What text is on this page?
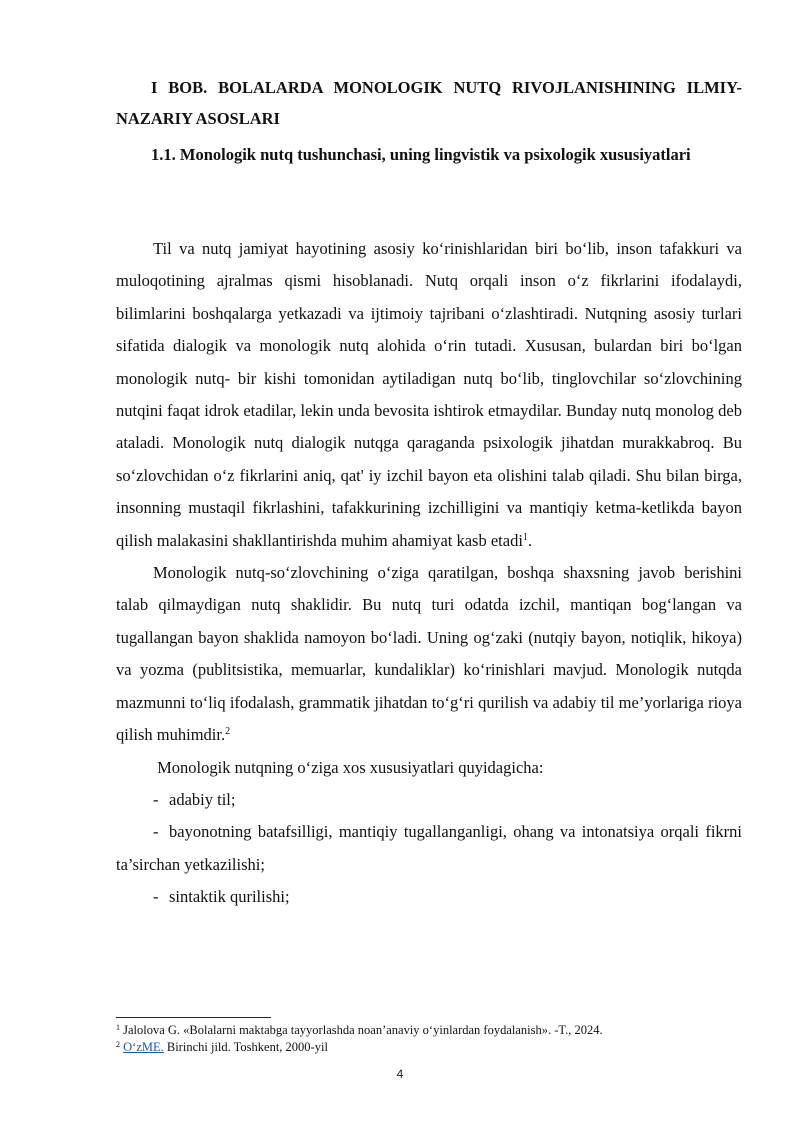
I BOB. BOLALARDA MONOLOGIK NUTQ RIVOJLANISHINING ILMIY-NAZARIY ASOSLARI
1.1. Monologik nutq tushunchasi, uning lingvistik va psixologik xususiyatlari

Til va nutq jamiyat hayotining asosiy ko‘rinishlaridan biri bo‘lib, inson tafakkuri va muloqotining ajralmas qismi hisoblanadi. Nutq orqali inson o‘z fikrlarini ifodalaydi, bilimlarini boshqalarga yetkazadi va ijtimoiy tajribani o‘zlashtiradi. Nutqning asosiy turlari sifatida dialogik va monologik nutq alohida o‘rin tutadi. Xususan, bulardan biri bo‘lgan monologik nutq- bir kishi tomonidan aytiladigan nutq bo‘lib, tinglovchilar so‘zlovchining nutqini faqat idrok etadilar, lekin unda bevosita ishtirok etmaydilar. Bunday nutq monolog deb ataladi. Monologik nutq dialogik nutqga qaraganda psixologik jihatdan murakkabroq. Bu so‘zlovchidan o‘z fikrlarini aniq, qat' iy izchil bayon eta olishini talab qiladi. Shu bilan birga, insonning mustaqil fikrlashini, tafakkurining izchilligini va mantiqiy ketma-ketlikda bayon qilish malakasini shakllantirishda muhim ahamiyat kasb etadi$^1$.

Monologik nutq-so‘zlovchining o‘ziga qaratilgan, boshqa shaxsning javob berishini talab qilmaydigan nutq shaklidir. Bu nutq turi odatda izchil, mantiqan bog‘langan va tugallangan bayon shaklida namoyon bo‘ladi. Uning og‘zaki (nutqiy bayon, notiqlik, hikoya) va yozma (publitsistika, memuarlar, kundaliklar) ko‘rinishlari mavjud. Monologik nutqda mazmunni to‘liq ifodalash, grammatik jihatdan to‘g‘ri qurilish va adabiy til me’yorlariga rioya qilish muhimdir.$^2$

Monologik nutqning o‘ziga xos xususiyatlari quyidagicha:

- adabiy til;

- bayonotning batafsilligi, mantiqiy tugallanganligi, ohang va intonatsiya orqali fikrni ta’sirchan yetkazilishi;

- sintaktik qurilishi;

$^1$ Jalolova G. «Bolalarni maktabga tayyorlashda noan’anaviy o‘yinlardan foydalanish». -T., 2024.

$^2$ O‘zME. Birinchi jild. Toshkent, 2000-yil

4
